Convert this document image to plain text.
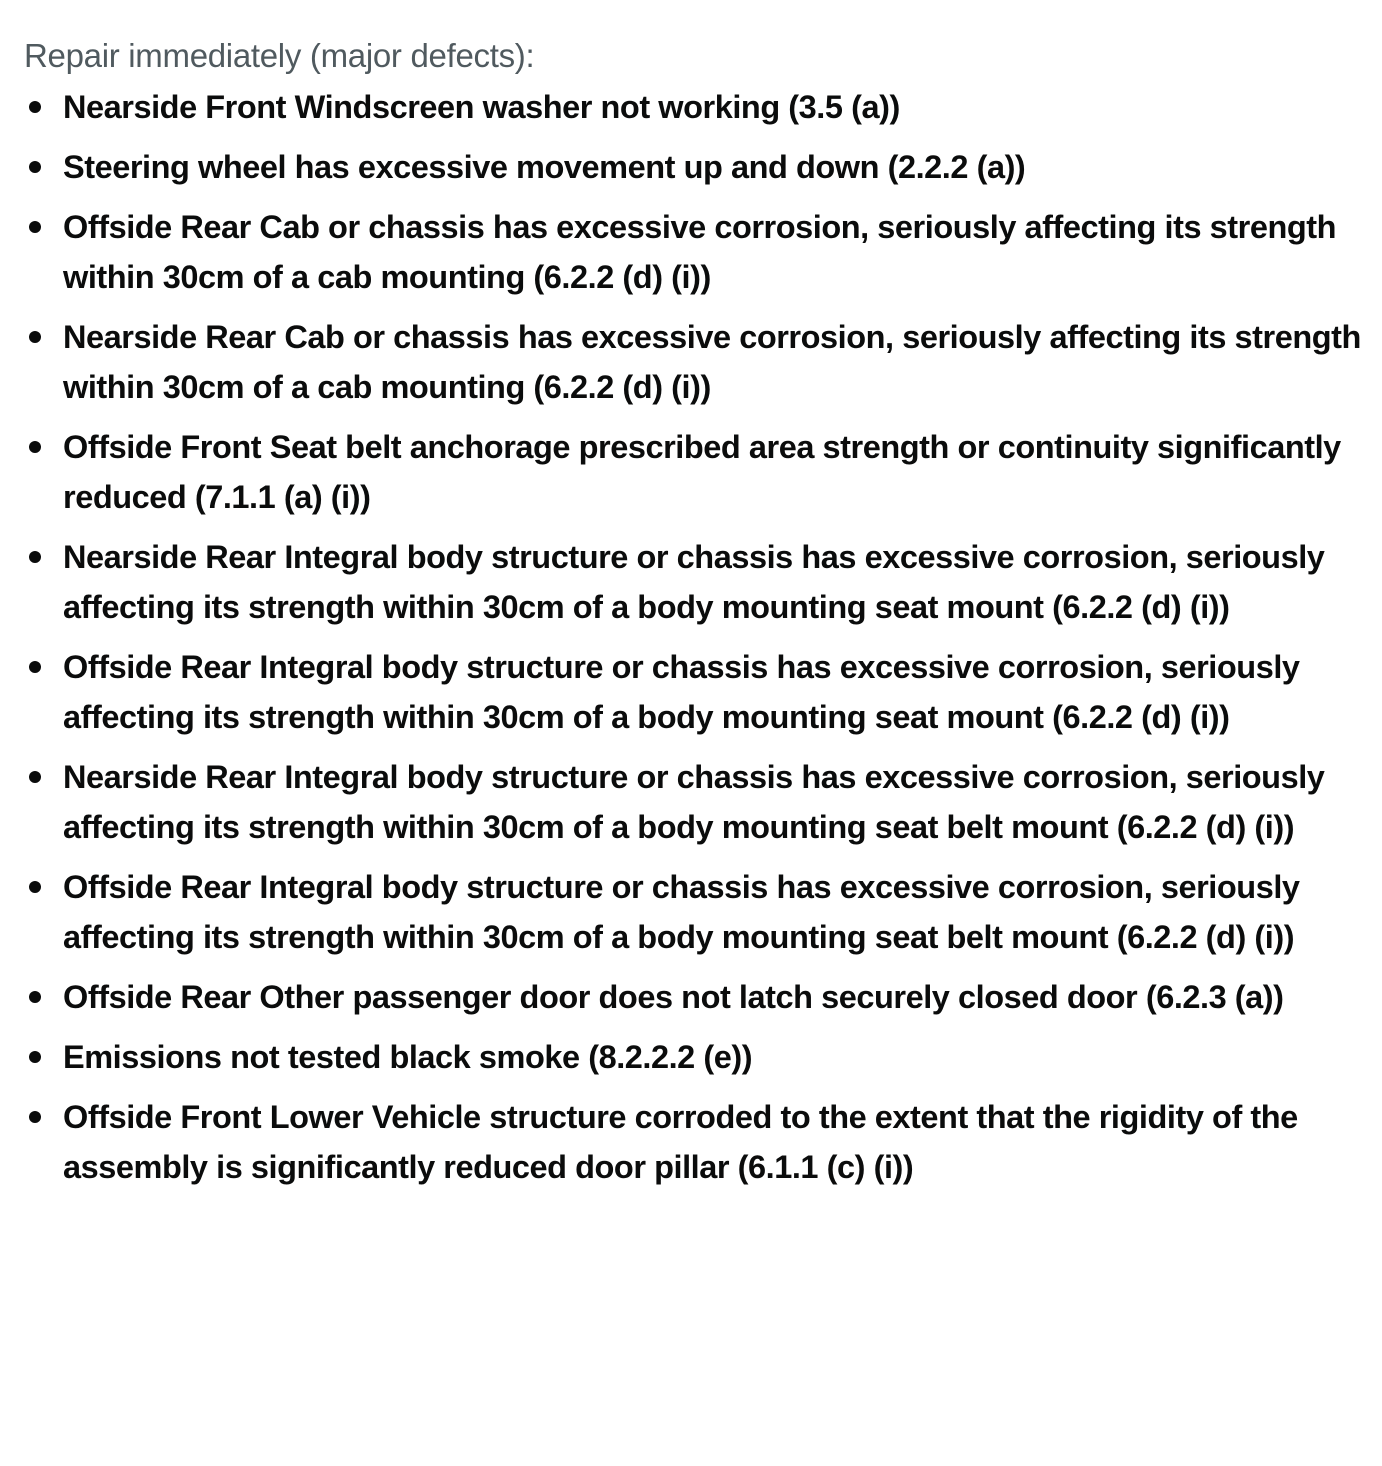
Repair immediately (major defects):

Nearside Front Windscreen washer not working (3.5 (a))
Steering wheel has excessive movement up and down (2.2.2 (a))
Offside Rear Cab or chassis has excessive corrosion, seriously affecting its strength within 30cm of a cab mounting (6.2.2 (d) (i))
Nearside Rear Cab or chassis has excessive corrosion, seriously affecting its strength within 30cm of a cab mounting (6.2.2 (d) (i))
Offside Front Seat belt anchorage prescribed area strength or continuity significantly reduced (7.1.1 (a) (i))
Nearside Rear Integral body structure or chassis has excessive corrosion, seriously affecting its strength within 30cm of a body mounting seat mount (6.2.2 (d) (i))
Offside Rear Integral body structure or chassis has excessive corrosion, seriously affecting its strength within 30cm of a body mounting seat mount (6.2.2 (d) (i))
Nearside Rear Integral body structure or chassis has excessive corrosion, seriously affecting its strength within 30cm of a body mounting seat belt mount (6.2.2 (d) (i))
Offside Rear Integral body structure or chassis has excessive corrosion, seriously affecting its strength within 30cm of a body mounting seat belt mount (6.2.2 (d) (i))
Offside Rear Other passenger door does not latch securely closed door (6.2.3 (a))
Emissions not tested black smoke (8.2.2.2 (e))
Offside Front Lower Vehicle structure corroded to the extent that the rigidity of the assembly is significantly reduced door pillar (6.1.1 (c) (i))
